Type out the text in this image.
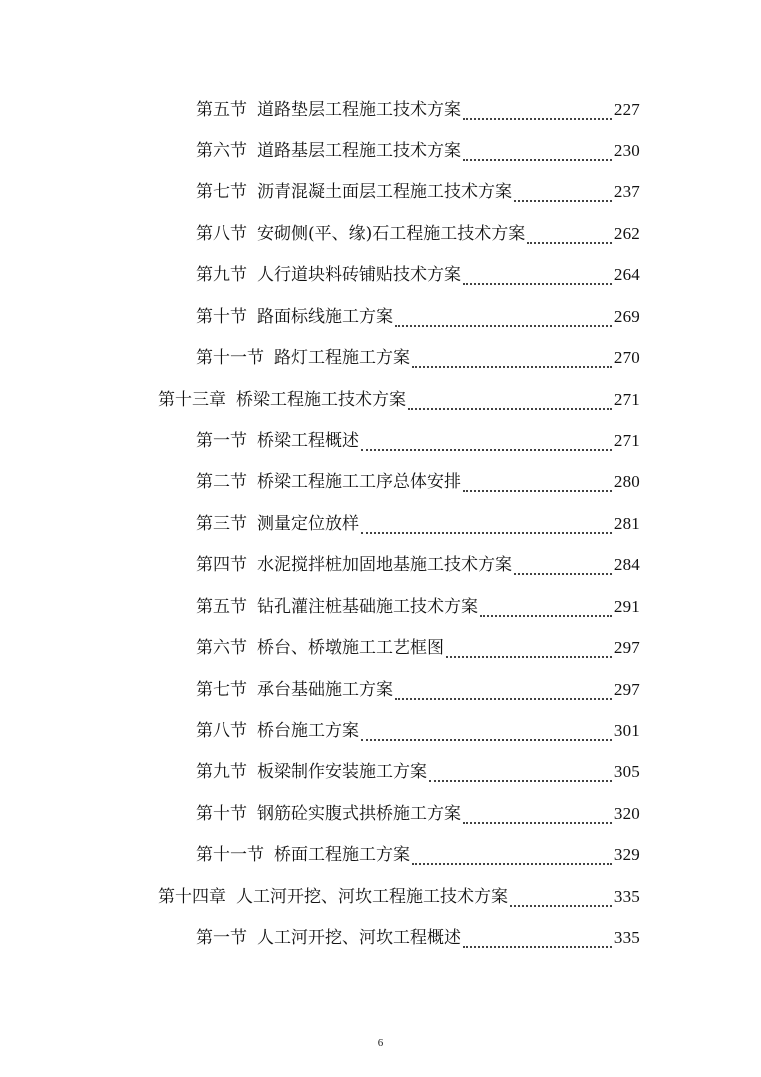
第五节 道路垫层工程施工技术方案	227
第六节 道路基层工程施工技术方案	230
第七节 沥青混凝土面层工程施工技术方案	237
第八节 安砌侧(平、缘)石工程施工技术方案	262
第九节 人行道块料砖铺贴技术方案	264
第十节 路面标线施工方案	269
第十一节 路灯工程施工方案	270
第十三章 桥梁工程施工技术方案	271
第一节 桥梁工程概述	271
第二节 桥梁工程施工工序总体安排	280
第三节 测量定位放样	281
第四节 水泥搅拌桩加固地基施工技术方案	284
第五节 钻孔灌注桩基础施工技术方案	291
第六节 桥台、桥墩施工工艺框图	297
第七节 承台基础施工方案	297
第八节 桥台施工方案	301
第九节 板梁制作安装施工方案	305
第十节 钢筋砼实腹式拱桥施工方案	320
第十一节 桥面工程施工方案	329
第十四章 人工河开挖、河坎工程施工技术方案	335
第一节 人工河开挖、河坎工程概述	335
6
